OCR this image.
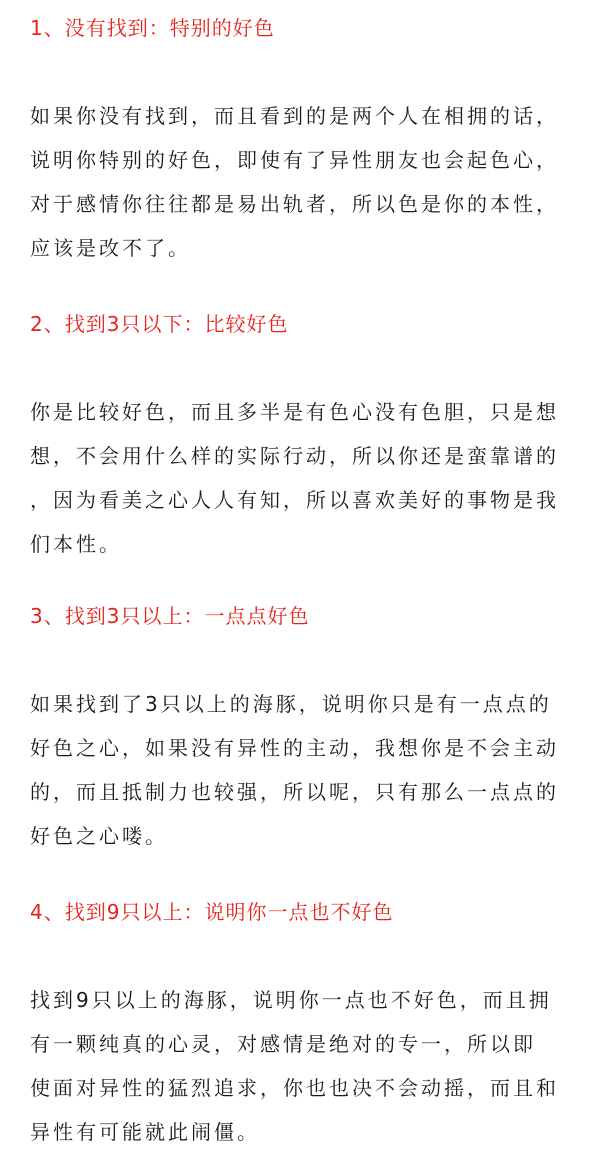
1、没有找到：特别的好色
如果你没有找到，而且看到的是两个人在相拥的话，
说明你特别的好色，即使有了异性朋友也会起色心，
对于感情你往往都是易出轨者，所以色是你的本性，
应该是改不了。
2、找到3只以下：比较好色
你是比较好色，而且多半是有色心没有色胆，只是想
想，不会用什么样的实际行动，所以你还是蛮靠谱的
，因为看美之心人人有知，所以喜欢美好的事物是我
们本性。
3、找到3只以上：一点点好色
如果找到了3只以上的海豚，说明你只是有一点点的
好色之心，如果没有异性的主动，我想你是不会主动
的，而且抵制力也较强，所以呢，只有那么一点点的
好色之心喽。
4、找到9只以上：说明你一点也不好色
找到9只以上的海豚，说明你一点也不好色，而且拥
有一颗纯真的心灵，对感情是绝对的专一，所以即
使面对异性的猛烈追求，你也也决不会动摇，而且和
异性有可能就此闹僵。
